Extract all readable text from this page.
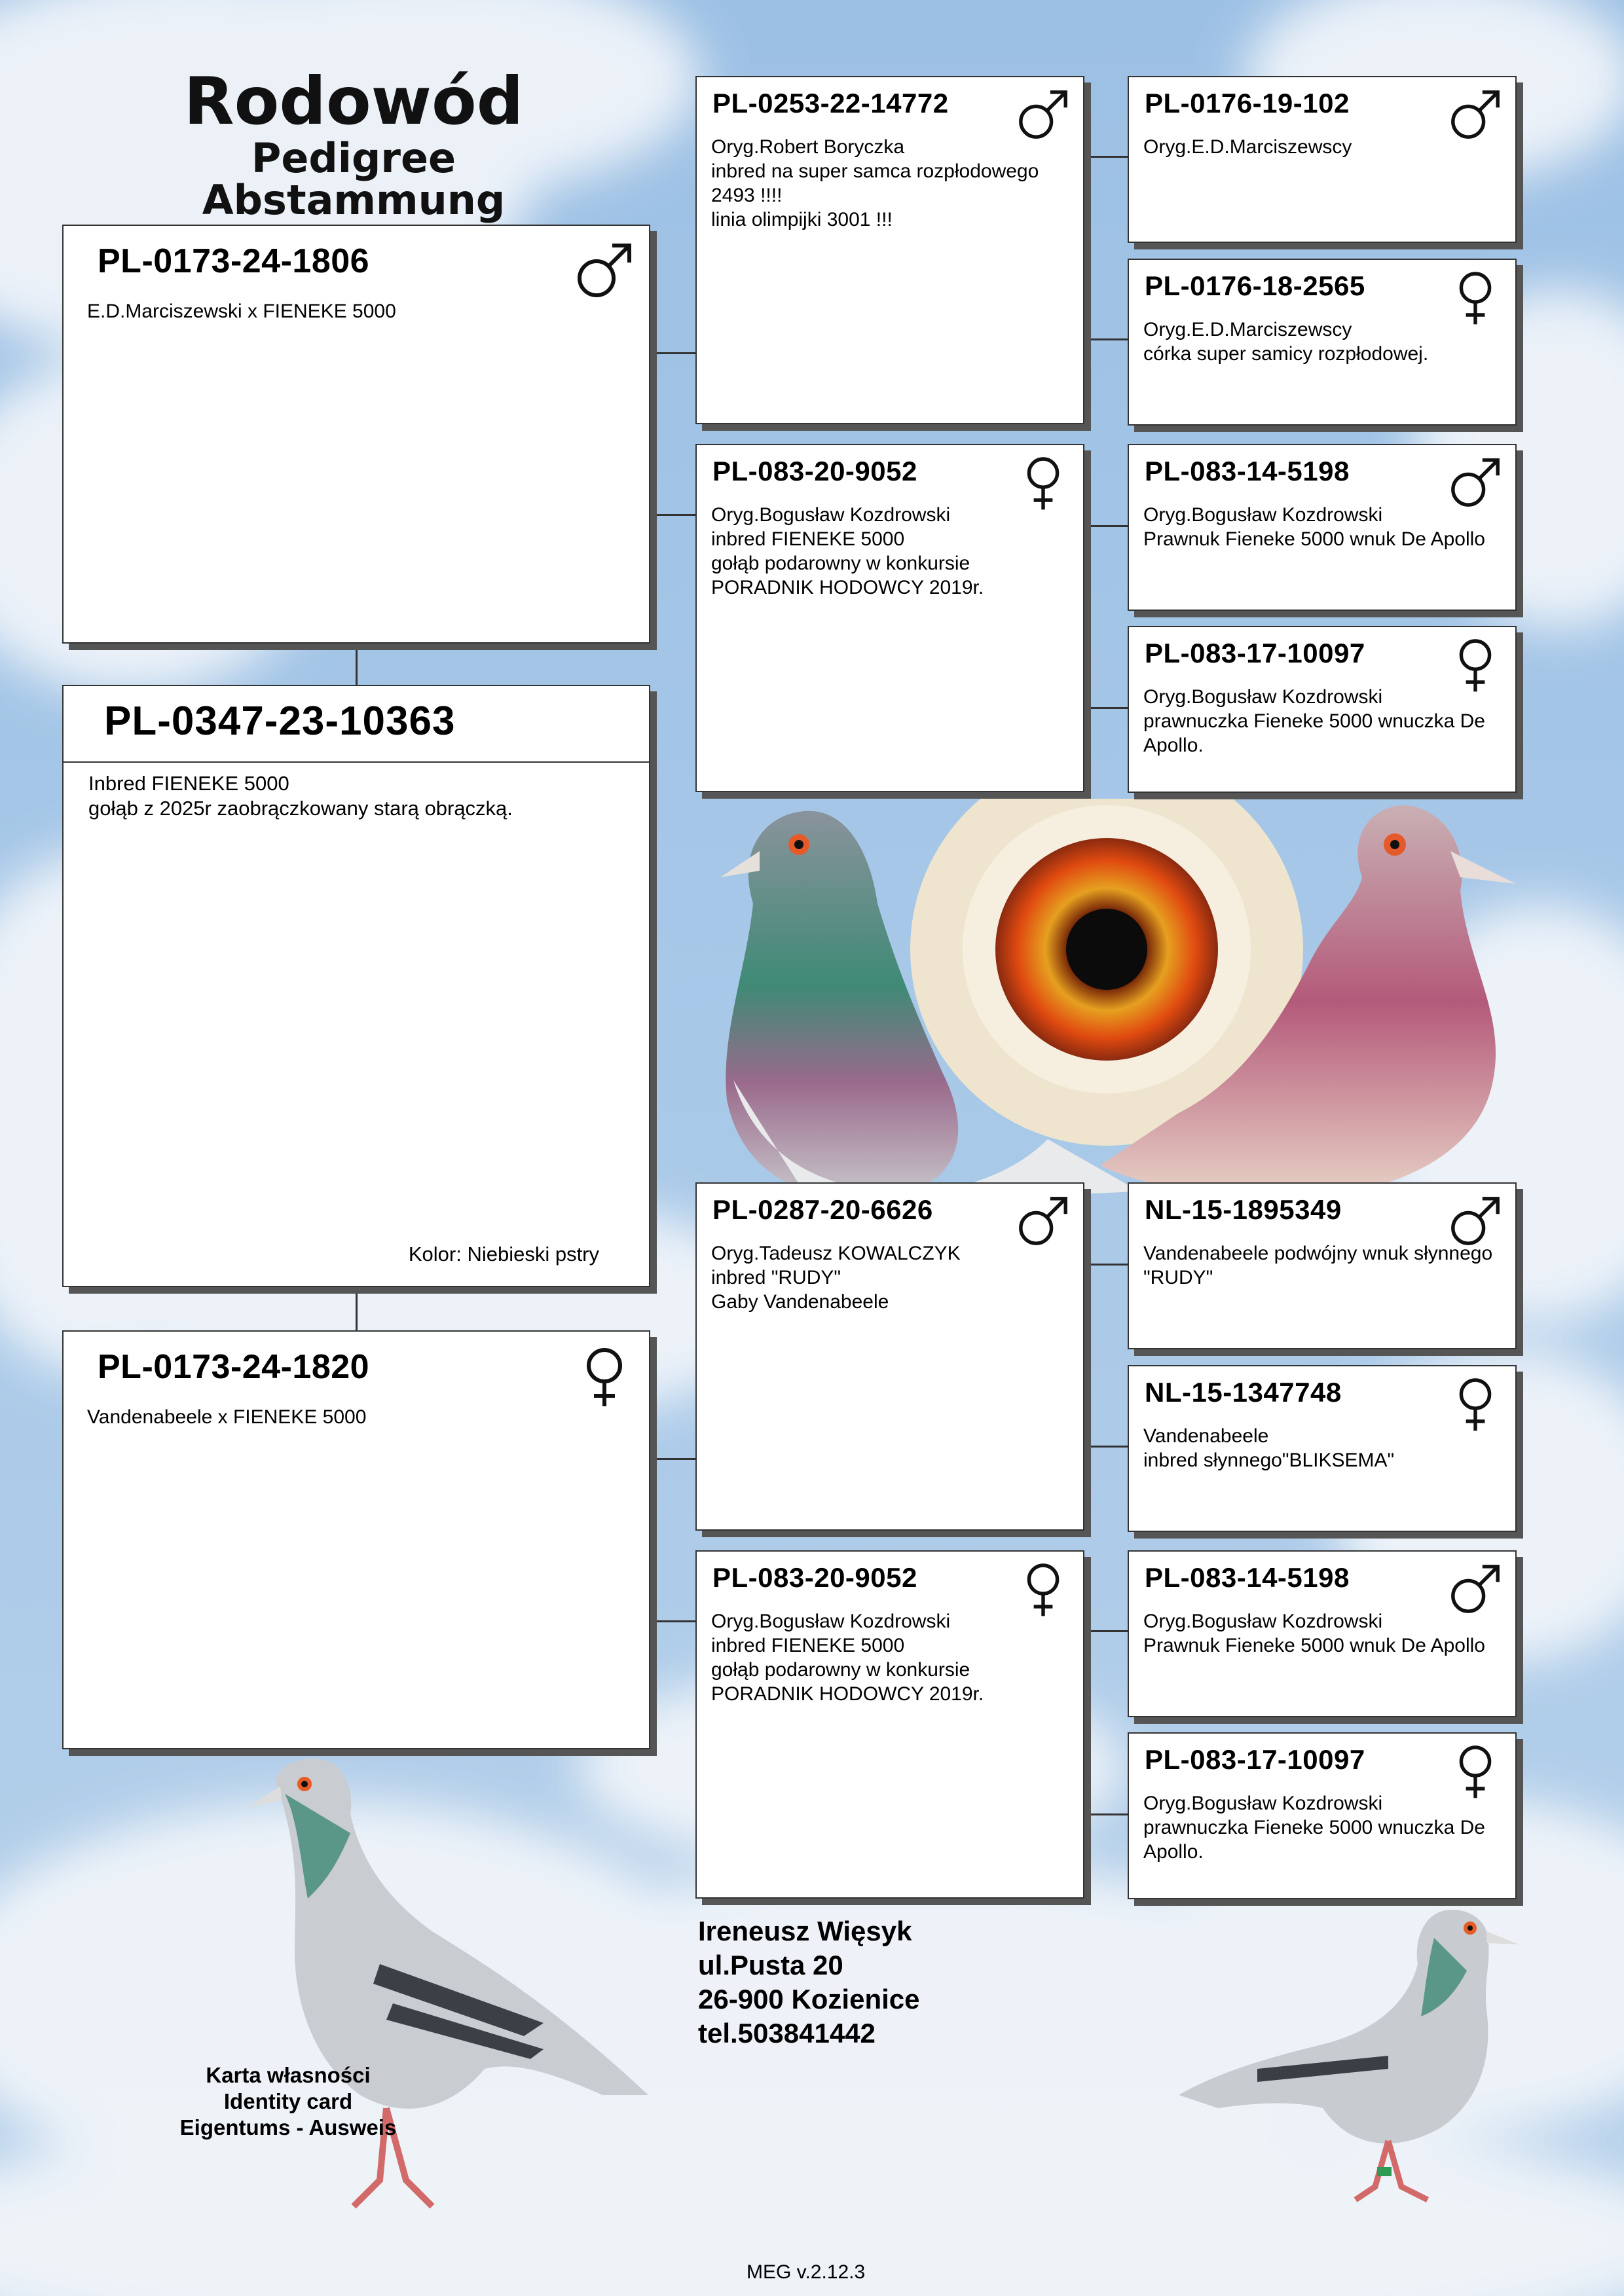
Rodowód
Pedigree
Abstammung
PL-0173-24-1806
E.D.Marciszewski x FIENEKE 5000
PL-0347-23-10363
Inbred FIENEKE 5000
gołąb z 2025r zaobrączkowany starą obrączką.
Kolor: Niebieski pstry
PL-0173-24-1820
Vandenabeele x FIENEKE 5000
PL-0253-22-14772
Oryg.Robert Boryczka
inbred na super samca rozpłodowego 2493 !!!!
linia olimpijki 3001 !!!
PL-083-20-9052
Oryg.Bogusław Kozdrowski
inbred FIENEKE 5000
gołąb podarowny w konkursie
PORADNIK HODOWCY 2019r.
PL-0287-20-6626
Oryg.Tadeusz KOWALCZYK
inbred "RUDY"
Gaby Vandenabeele
PL-083-20-9052
Oryg.Bogusław Kozdrowski
inbred FIENEKE 5000
gołąb podarowny w konkursie
PORADNIK HODOWCY 2019r.
PL-0176-19-102
Oryg.E.D.Marciszewscy
PL-0176-18-2565
Oryg.E.D.Marciszewscy
córka super samicy rozpłodowej.
PL-083-14-5198
Oryg.Bogusław Kozdrowski
Prawnuk Fieneke 5000 wnuk De Apollo
PL-083-17-10097
Oryg.Bogusław Kozdrowski
prawnuczka Fieneke 5000 wnuczka De Apollo.
NL-15-1895349
Vandenabeele podwójny wnuk słynnego "RUDY"
NL-15-1347748
Vandenabeele
inbred słynnego"BLIKSEMA"
PL-083-14-5198
Oryg.Bogusław Kozdrowski
Prawnuk Fieneke 5000 wnuk De Apollo
PL-083-17-10097
Oryg.Bogusław Kozdrowski
prawnuczka Fieneke 5000 wnuczka De Apollo.
Ireneusz Więsyk
ul.Pusta 20
26-900 Kozienice
tel.503841442
Karta własności
Identity card
Eigentums - Ausweis
MEG v.2.12.3
